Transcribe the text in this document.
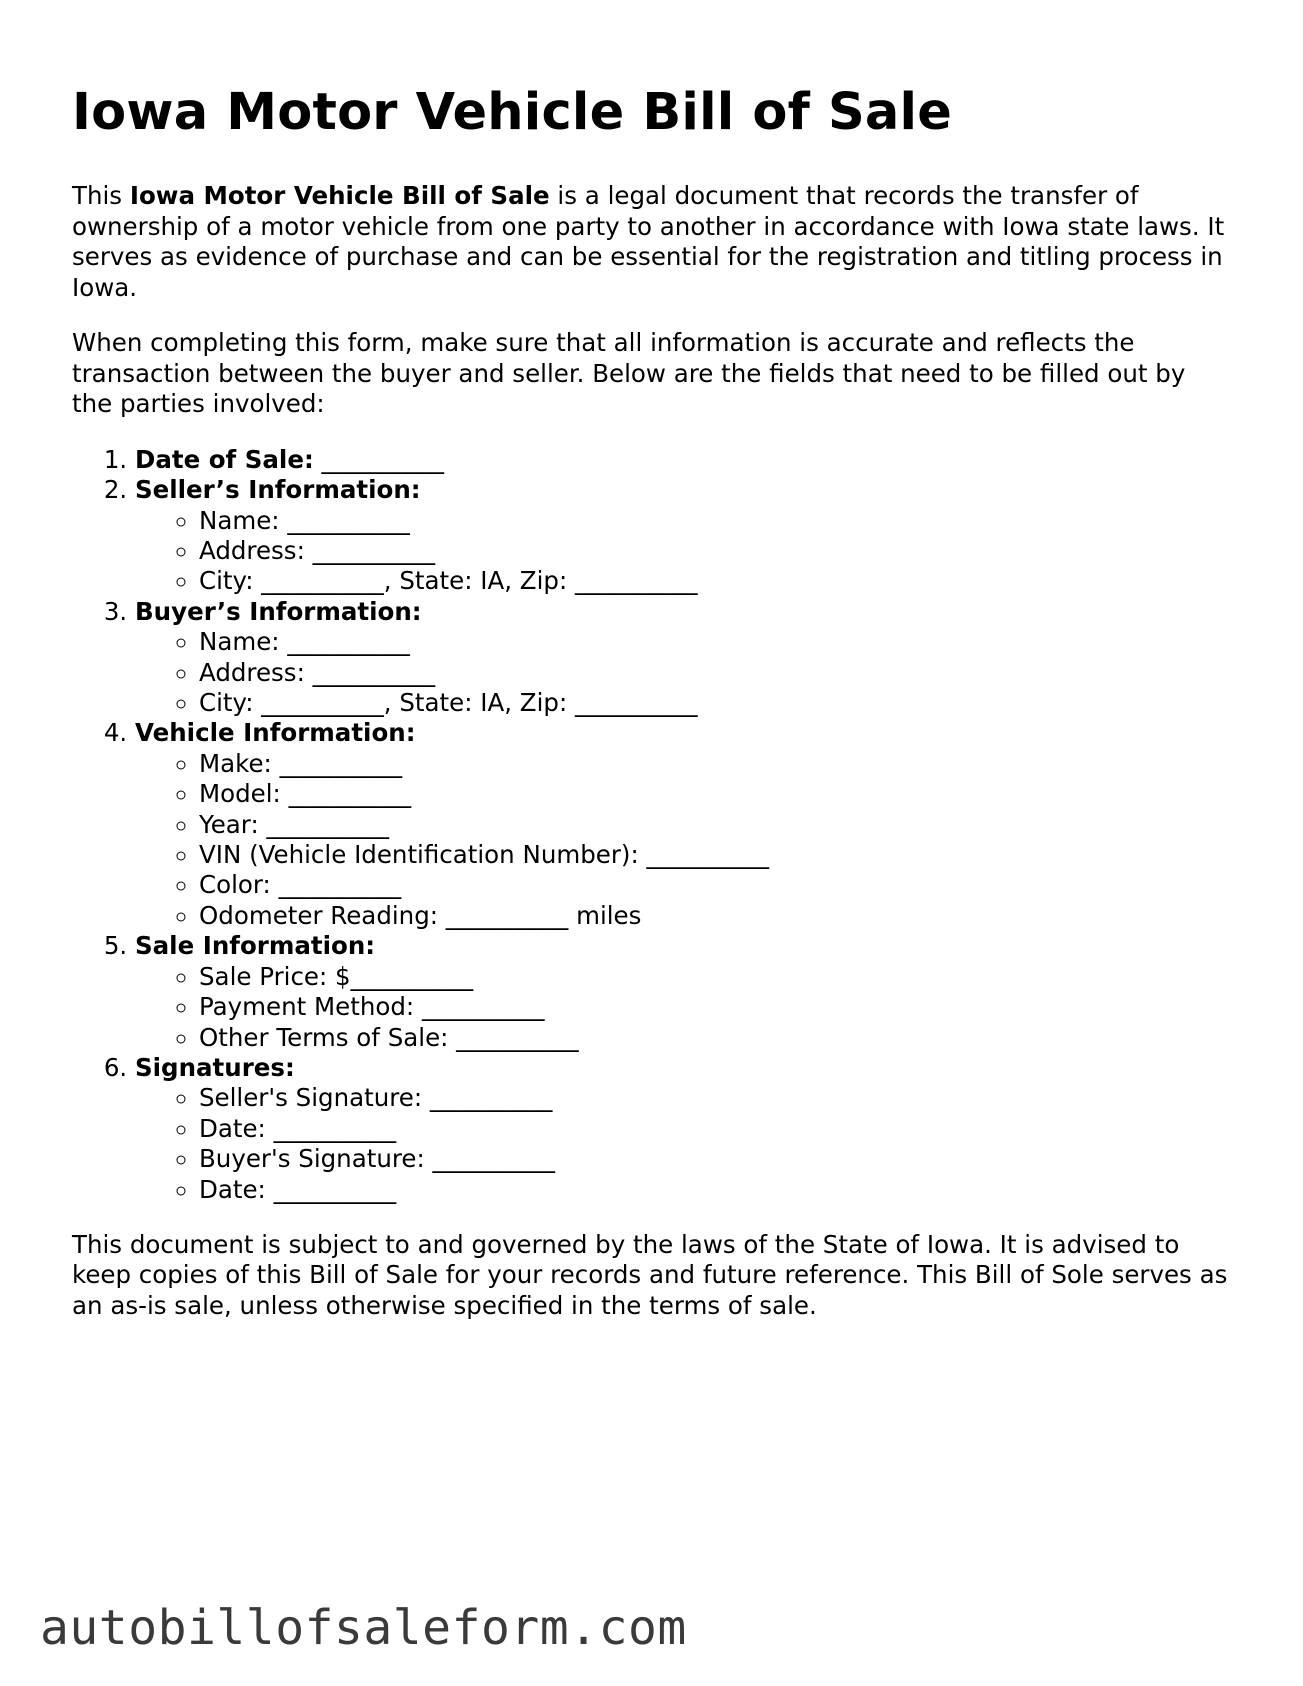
Iowa Motor Vehicle Bill of Sale

This Iowa Motor Vehicle Bill of Sale is a legal document that records the transfer of ownership of a motor vehicle from one party to another in accordance with Iowa state laws. It serves as evidence of purchase and can be essential for the registration and titling process in Iowa.

When completing this form, make sure that all information is accurate and reflects the transaction between the buyer and seller. Below are the fields that need to be filled out by the parties involved:

1. Date of Sale: __________
2. Seller’s Information:
◦ Name: __________
◦ Address: __________
◦ City: __________, State: IA, Zip: __________
3. Buyer’s Information:
◦ Name: __________
◦ Address: __________
◦ City: __________, State: IA, Zip: __________
4. Vehicle Information:
◦ Make: __________
◦ Model: __________
◦ Year: __________
◦ VIN (Vehicle Identification Number): __________
◦ Color: __________
◦ Odometer Reading: __________ miles
5. Sale Information:
◦ Sale Price: $__________
◦ Payment Method: __________
◦ Other Terms of Sale: __________
6. Signatures:
◦ Seller's Signature: __________
◦ Date: __________
◦ Buyer's Signature: __________
◦ Date: __________

This document is subject to and governed by the laws of the State of Iowa. It is advised to keep copies of this Bill of Sale for your records and future reference. This Bill of Sole serves as an as-is sale, unless otherwise specified in the terms of sale.

autobillofsaleform.com
